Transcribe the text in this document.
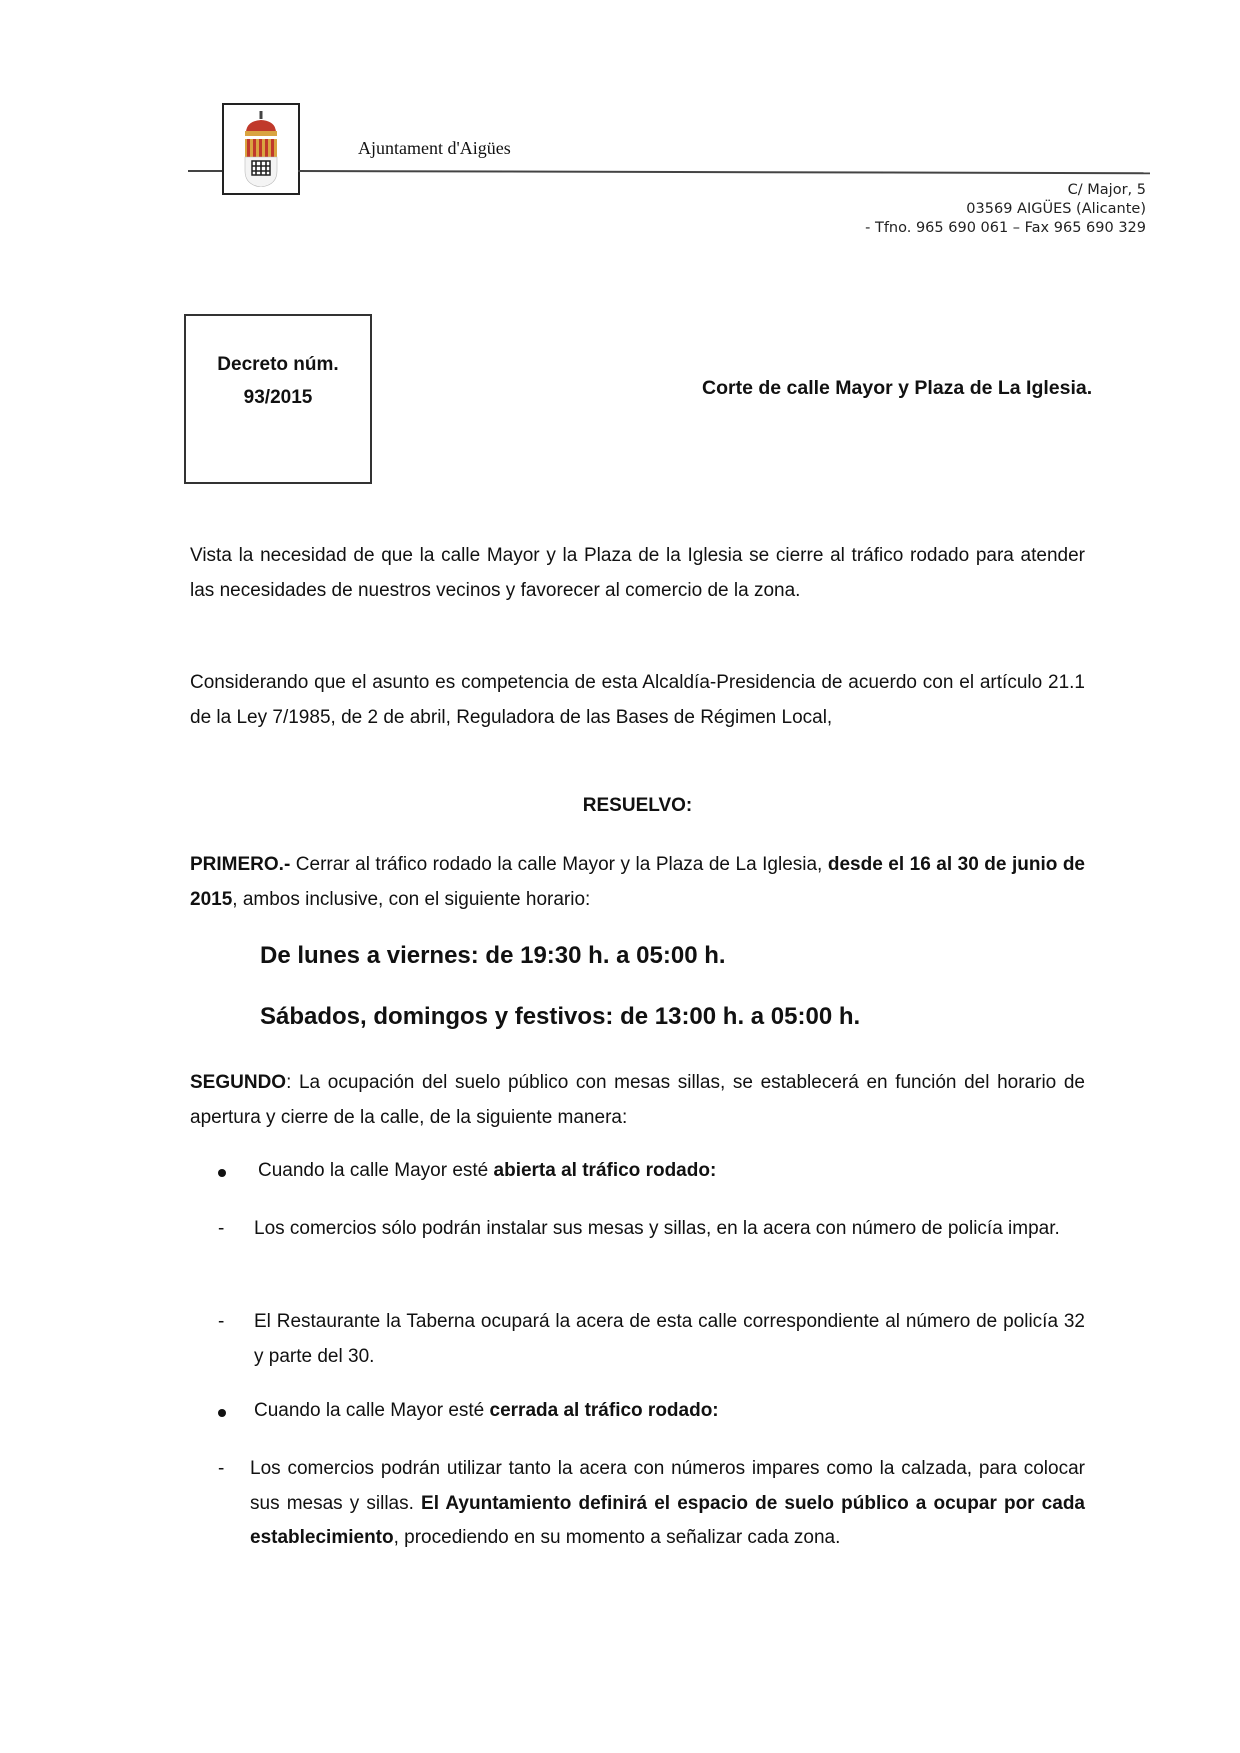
Ajuntament d'Aigües
C/ Major, 5
03569 AIGÜES (Alicante)
- Tfno. 965 690 061 – Fax 965 690 329
Decreto núm.
93/2015	Corte de calle Mayor y Plaza de La Iglesia.
Vista la necesidad de que la calle Mayor y la Plaza de la Iglesia se cierre al tráfico rodado para atender las necesidades de nuestros vecinos y favorecer al comercio de la zona.
Considerando que el asunto es competencia de esta Alcaldía-Presidencia de acuerdo con el artículo 21.1 de la Ley 7/1985, de 2 de abril, Reguladora de las Bases de Régimen Local,
RESUELVO:
PRIMERO.- Cerrar al tráfico rodado la calle Mayor y la Plaza de La Iglesia, desde el 16 al 30 de junio de 2015, ambos inclusive, con el siguiente horario:
De lunes a viernes: de 19:30 h. a 05:00 h.
Sábados, domingos y festivos: de 13:00 h. a 05:00 h.
SEGUNDO: La ocupación del suelo público con mesas sillas, se establecerá en función del horario de apertura y cierre de la calle, de la siguiente manera:
Cuando la calle Mayor esté abierta al tráfico rodado:
- Los comercios sólo podrán instalar sus mesas y sillas, en la acera con número de policía impar.
- El Restaurante la Taberna ocupará la acera de esta calle correspondiente al número de policía 32 y parte del 30.
Cuando la calle Mayor esté cerrada al tráfico rodado:
- Los comercios podrán utilizar tanto la acera con números impares como la calzada, para colocar sus mesas y sillas. El Ayuntamiento definirá el espacio de suelo público a ocupar por cada establecimiento, procediendo en su momento a señalizar cada zona.
